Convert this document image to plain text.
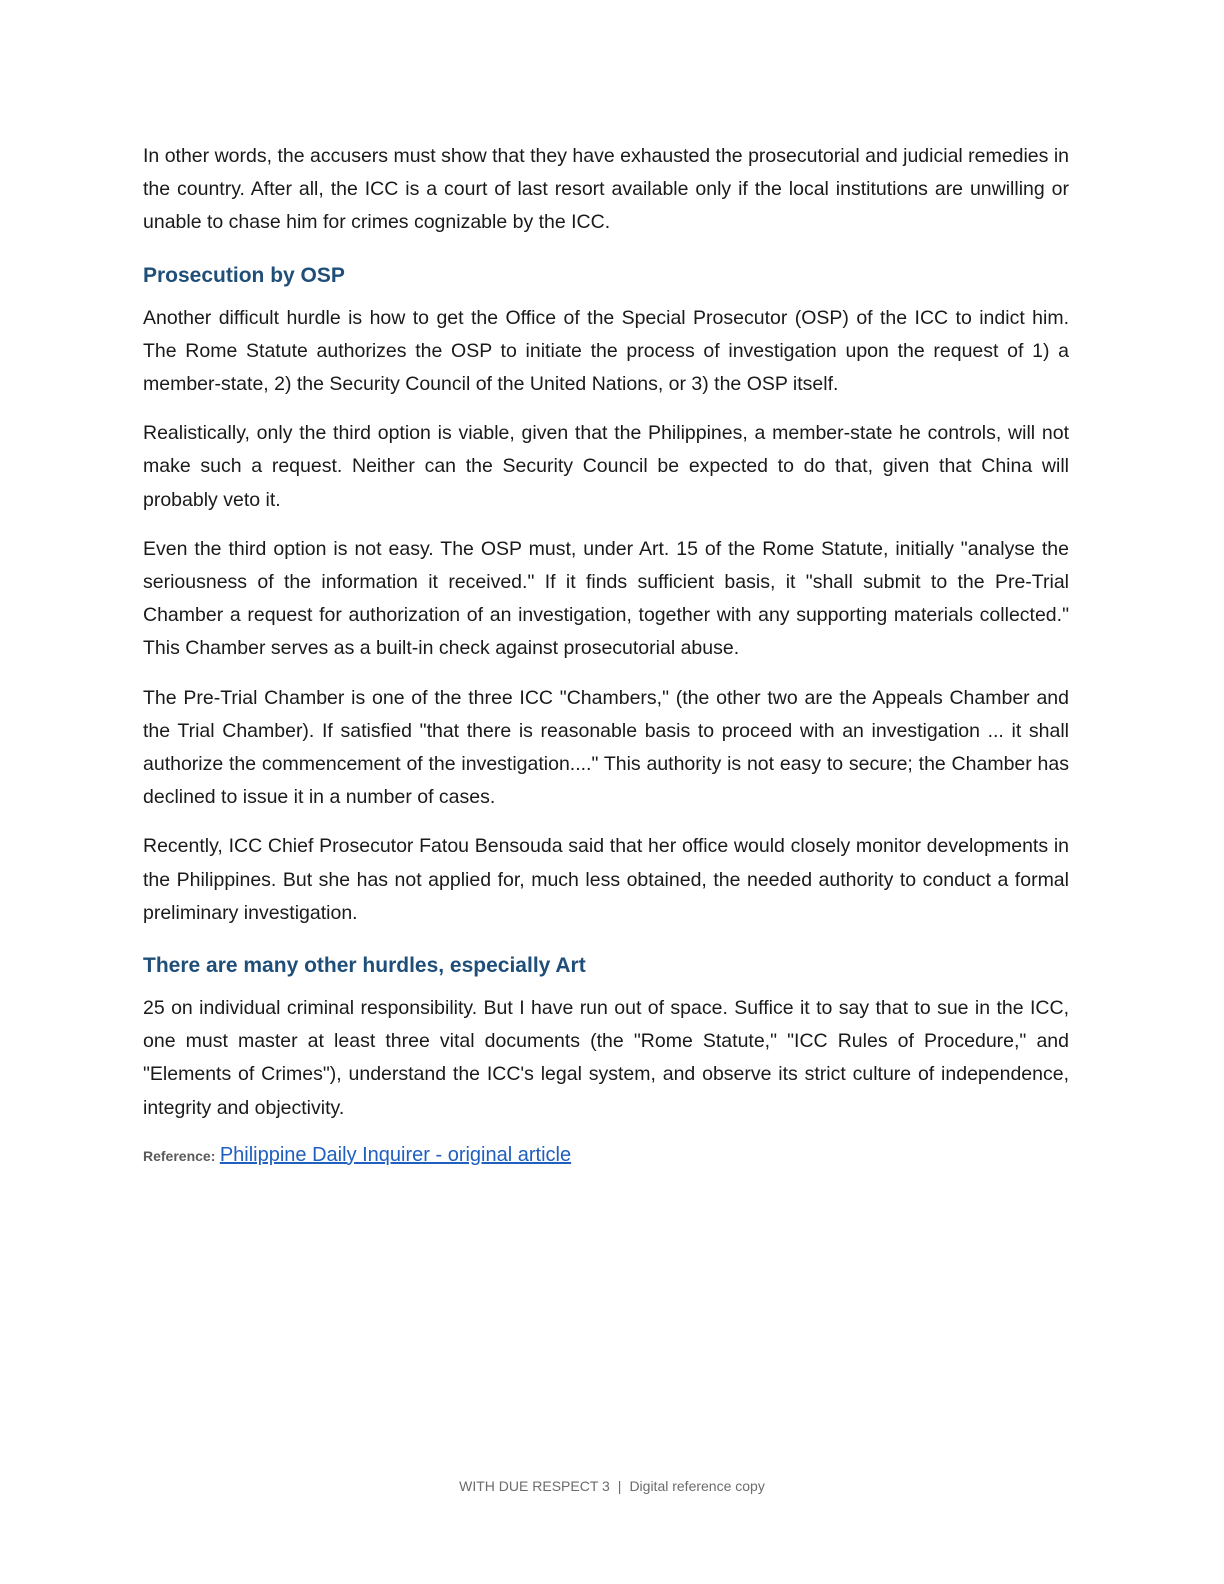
In other words, the accusers must show that they have exhausted the prosecutorial and judicial remedies in the country. After all, the ICC is a court of last resort available only if the local institutions are unwilling or unable to chase him for crimes cognizable by the ICC.

Prosecution by OSP

Another difficult hurdle is how to get the Office of the Special Prosecutor (OSP) of the ICC to indict him. The Rome Statute authorizes the OSP to initiate the process of investigation upon the request of 1) a member-state, 2) the Security Council of the United Nations, or 3) the OSP itself.

Realistically, only the third option is viable, given that the Philippines, a member-state he controls, will not make such a request. Neither can the Security Council be expected to do that, given that China will probably veto it.

Even the third option is not easy. The OSP must, under Art. 15 of the Rome Statute, initially "analyse the seriousness of the information it received." If it finds sufficient basis, it "shall submit to the Pre-Trial Chamber a request for authorization of an investigation, together with any supporting materials collected." This Chamber serves as a built-in check against prosecutorial abuse.

The Pre-Trial Chamber is one of the three ICC "Chambers," (the other two are the Appeals Chamber and the Trial Chamber). If satisfied "that there is reasonable basis to proceed with an investigation ... it shall authorize the commencement of the investigation...." This authority is not easy to secure; the Chamber has declined to issue it in a number of cases.

Recently, ICC Chief Prosecutor Fatou Bensouda said that her office would closely monitor developments in the Philippines. But she has not applied for, much less obtained, the needed authority to conduct a formal preliminary investigation.

There are many other hurdles, especially Art

25 on individual criminal responsibility. But I have run out of space. Suffice it to say that to sue in the ICC, one must master at least three vital documents (the "Rome Statute," "ICC Rules of Procedure," and "Elements of Crimes"), understand the ICC's legal system, and observe its strict culture of independence, integrity and objectivity.

Reference: Philippine Daily Inquirer - original article
WITH DUE RESPECT 3 | Digital reference copy
